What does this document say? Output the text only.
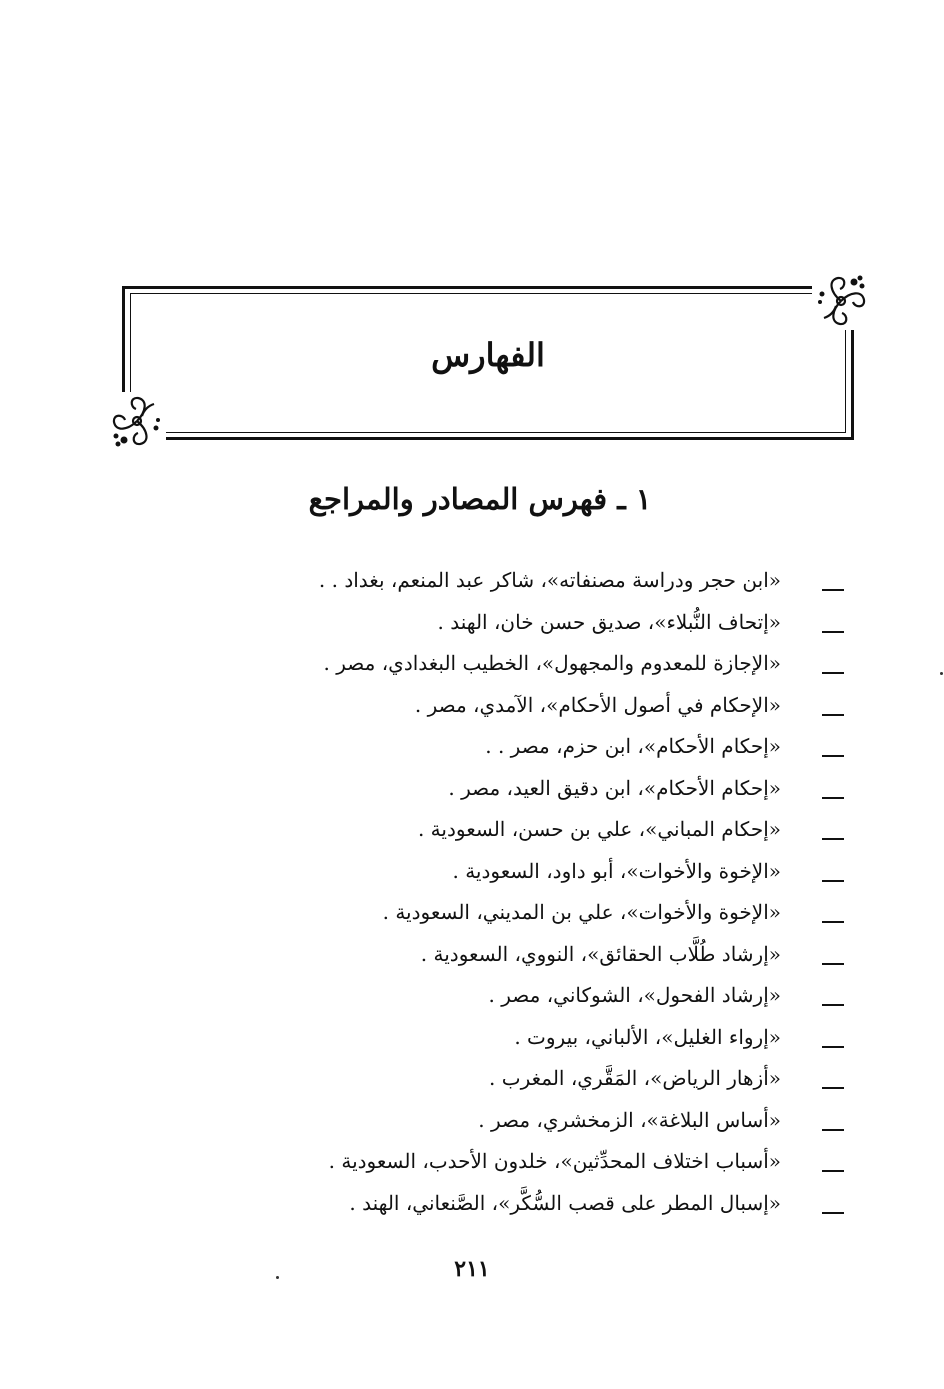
الفهارس
١ ـ فهرس المصادر والمراجع
«ابن حجر ودراسة مصنفاته»، شاكر عبد المنعم، بغداد . .
«إتحاف النُّبلاء»، صديق حسن خان، الهند .
«الإجازة للمعدوم والمجهول»، الخطيب البغدادي، مصر .
«الإحكام في أصول الأحكام»، الآمدي، مصر .
«إحكام الأحكام»، ابن حزم، مصر . .
«إحكام الأحكام»، ابن دقيق العيد، مصر .
«إحكام المباني»، علي بن حسن، السعودية .
«الإخوة والأخوات»، أبو داود، السعودية .
«الإخوة والأخوات»، علي بن المديني، السعودية .
«إرشاد طُلَّاب الحقائق»، النووي، السعودية .
«إرشاد الفحول»، الشوكاني، مصر .
«إرواء الغليل»، الألباني، بيروت .
«أزهار الرياض»، المَقَّري، المغرب .
«أساس البلاغة»، الزمخشري، مصر .
«أسباب اختلاف المحدِّثين»، خلدون الأحدب، السعودية .
«إسبال المطر على قصب السُّكَّر»، الصَّنعاني، الهند .
٢١١
